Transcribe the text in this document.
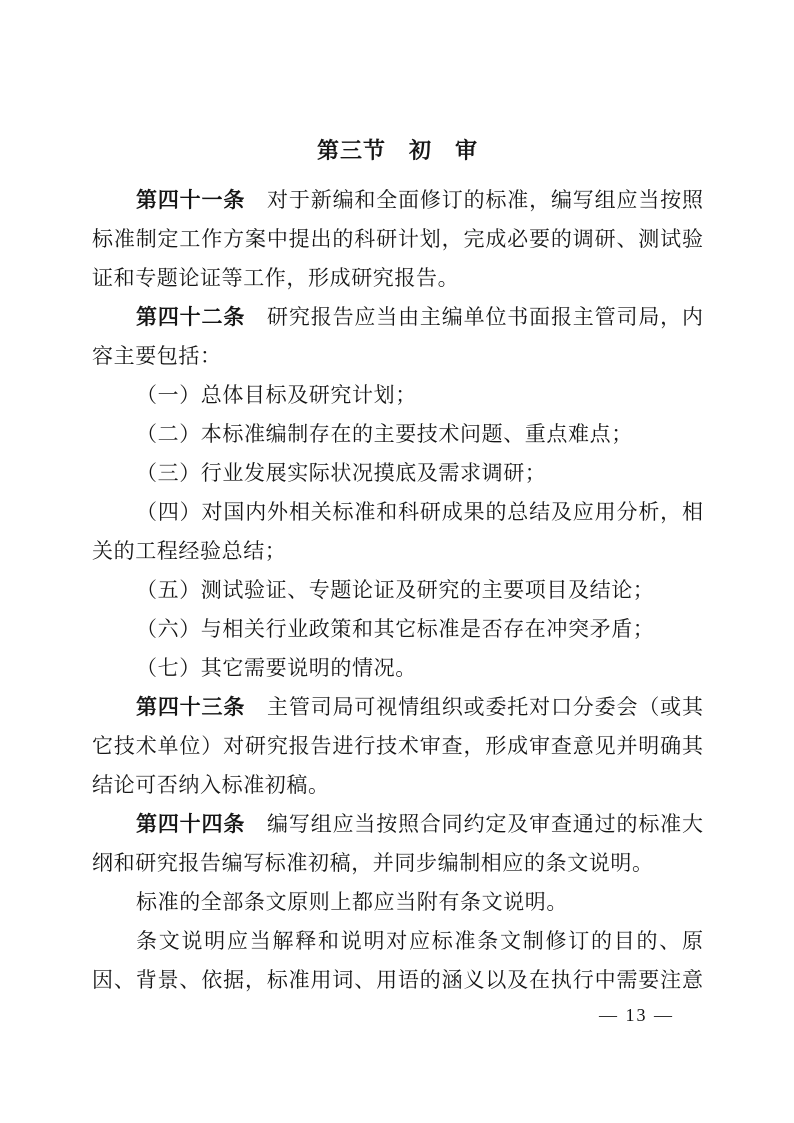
第三节　初　审
第四十一条　对于新编和全面修订的标准，编写组应当按照
标准制定工作方案中提出的科研计划，完成必要的调研、测试验
证和专题论证等工作，形成研究报告。
第四十二条　研究报告应当由主编单位书面报主管司局，内
容主要包括：
（一）总体目标及研究计划；
（二）本标准编制存在的主要技术问题、重点难点；
（三）行业发展实际状况摸底及需求调研；
（四）对国内外相关标准和科研成果的总结及应用分析，相
关的工程经验总结；
（五）测试验证、专题论证及研究的主要项目及结论；
（六）与相关行业政策和其它标准是否存在冲突矛盾；
（七）其它需要说明的情况。
第四十三条　主管司局可视情组织或委托对口分委会（或其
它技术单位）对研究报告进行技术审查，形成审查意见并明确其
结论可否纳入标准初稿。
第四十四条　编写组应当按照合同约定及审查通过的标准大
纲和研究报告编写标准初稿，并同步编制相应的条文说明。
标准的全部条文原则上都应当附有条文说明。
条文说明应当解释和说明对应标准条文制修订的目的、原
因、背景、依据，标准用词、用语的涵义以及在执行中需要注意
— 13 —
